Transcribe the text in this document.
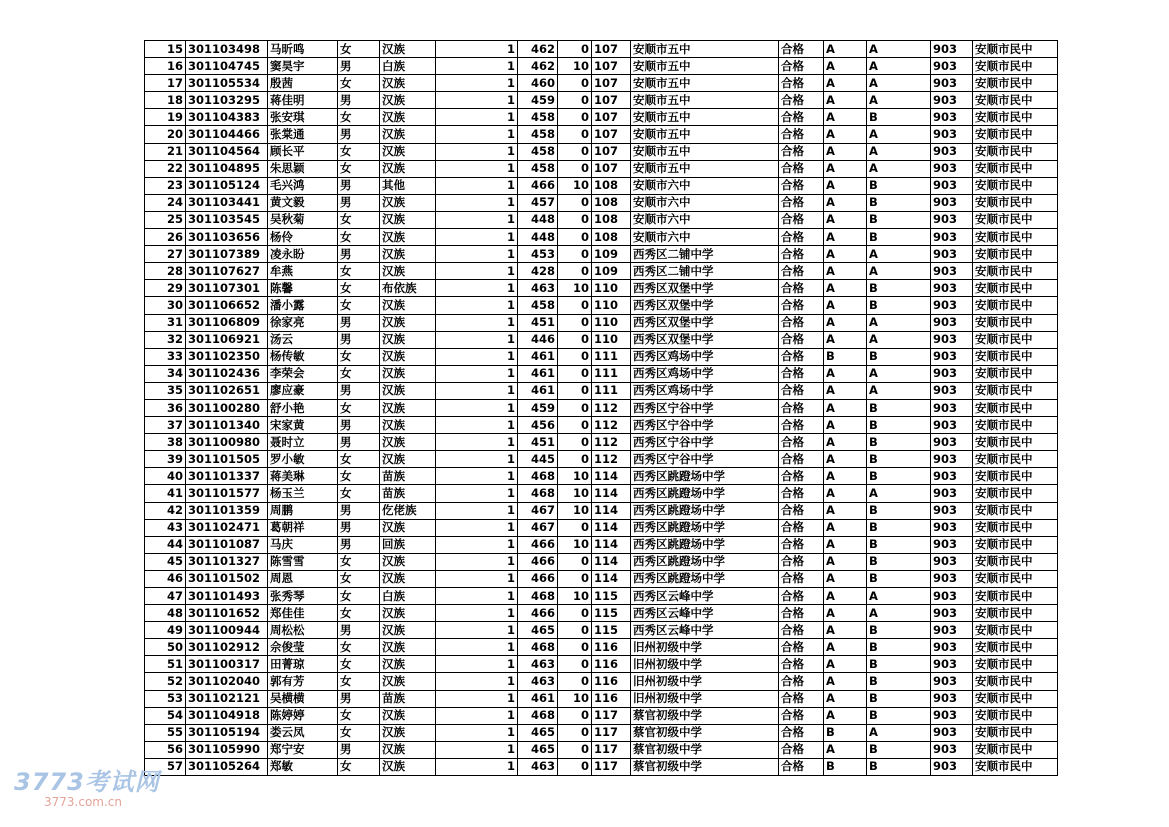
15	301103498	马昕鸣	女	汉族	1	462	0	107	安顺市五中	合格	A	A	903	安顺市民中
16	301104745	窦昊宇	男	白族	1	462	10	107	安顺市五中	合格	A	A	903	安顺市民中
17	301105534	殷茜	女	汉族	1	460	0	107	安顺市五中	合格	A	A	903	安顺市民中
18	301103295	蒋佳明	男	汉族	1	459	0	107	安顺市五中	合格	A	A	903	安顺市民中
19	301104383	张安琪	女	汉族	1	458	0	107	安顺市五中	合格	A	B	903	安顺市民中
20	301104466	张棠通	男	汉族	1	458	0	107	安顺市五中	合格	A	A	903	安顺市民中
21	301104564	顾长平	女	汉族	1	458	0	107	安顺市五中	合格	A	A	903	安顺市民中
22	301104895	朱思颖	女	汉族	1	458	0	107	安顺市五中	合格	A	A	903	安顺市民中
23	301105124	毛兴鸿	男	其他	1	466	10	108	安顺市六中	合格	A	B	903	安顺市民中
24	301103441	黄文毅	男	汉族	1	457	0	108	安顺市六中	合格	A	B	903	安顺市民中
25	301103545	吴秋菊	女	汉族	1	448	0	108	安顺市六中	合格	A	B	903	安顺市民中
26	301103656	杨伶	女	汉族	1	448	0	108	安顺市六中	合格	A	B	903	安顺市民中
27	301107389	凌永盼	男	汉族	1	453	0	109	西秀区二铺中学	合格	A	A	903	安顺市民中
28	301107627	牟燕	女	汉族	1	428	0	109	西秀区二铺中学	合格	A	A	903	安顺市民中
29	301107301	陈馨	女	布依族	1	463	10	110	西秀区双堡中学	合格	A	B	903	安顺市民中
30	301106652	潘小露	女	汉族	1	458	0	110	西秀区双堡中学	合格	A	B	903	安顺市民中
31	301106809	徐家亮	男	汉族	1	451	0	110	西秀区双堡中学	合格	A	A	903	安顺市民中
32	301106921	汤云	男	汉族	1	446	0	110	西秀区双堡中学	合格	A	A	903	安顺市民中
33	301102350	杨传敏	女	汉族	1	461	0	111	西秀区鸡场中学	合格	B	B	903	安顺市民中
34	301102436	李荣会	女	汉族	1	461	0	111	西秀区鸡场中学	合格	A	A	903	安顺市民中
35	301102651	廖应豪	男	汉族	1	461	0	111	西秀区鸡场中学	合格	A	A	903	安顺市民中
36	301100280	舒小艳	女	汉族	1	459	0	112	西秀区宁谷中学	合格	A	B	903	安顺市民中
37	301101340	宋家黄	男	汉族	1	456	0	112	西秀区宁谷中学	合格	A	B	903	安顺市民中
38	301100980	聂时立	男	汉族	1	451	0	112	西秀区宁谷中学	合格	A	B	903	安顺市民中
39	301101505	罗小敏	女	汉族	1	445	0	112	西秀区宁谷中学	合格	A	B	903	安顺市民中
40	301101337	蒋美琳	女	苗族	1	468	10	114	西秀区跳蹬场中学	合格	A	B	903	安顺市民中
41	301101577	杨玉兰	女	苗族	1	468	10	114	西秀区跳蹬场中学	合格	A	A	903	安顺市民中
42	301101359	周鹏	男	仡佬族	1	467	10	114	西秀区跳蹬场中学	合格	A	B	903	安顺市民中
43	301102471	葛朝祥	男	汉族	1	467	0	114	西秀区跳蹬场中学	合格	A	B	903	安顺市民中
44	301101087	马庆	男	回族	1	466	10	114	西秀区跳蹬场中学	合格	A	B	903	安顺市民中
45	301101327	陈雪雪	女	汉族	1	466	0	114	西秀区跳蹬场中学	合格	A	B	903	安顺市民中
46	301101502	周恩	女	汉族	1	466	0	114	西秀区跳蹬场中学	合格	A	B	903	安顺市民中
47	301101493	张秀琴	女	白族	1	468	10	115	西秀区云峰中学	合格	A	A	903	安顺市民中
48	301101652	郑佳佳	女	汉族	1	466	0	115	西秀区云峰中学	合格	A	A	903	安顺市民中
49	301100944	周松松	男	汉族	1	465	0	115	西秀区云峰中学	合格	A	B	903	安顺市民中
50	301102912	佘俊莹	女	汉族	1	468	0	116	旧州初级中学	合格	A	B	903	安顺市民中
51	301100317	田菁琼	女	汉族	1	463	0	116	旧州初级中学	合格	A	B	903	安顺市民中
52	301102040	郭有芳	女	汉族	1	463	0	116	旧州初级中学	合格	A	B	903	安顺市民中
53	301102121	吴横横	男	苗族	1	461	10	116	旧州初级中学	合格	A	B	903	安顺市民中
54	301104918	陈婷婷	女	汉族	1	468	0	117	蔡官初级中学	合格	A	B	903	安顺市民中
55	301105194	娄云凤	女	汉族	1	465	0	117	蔡官初级中学	合格	B	A	903	安顺市民中
56	301105990	郑宁安	男	汉族	1	465	0	117	蔡官初级中学	合格	A	B	903	安顺市民中
57	301105264	郑敏	女	汉族	1	463	0	117	蔡官初级中学	合格	B	B	903	安顺市民中
3773考试网
3773.com.cn
